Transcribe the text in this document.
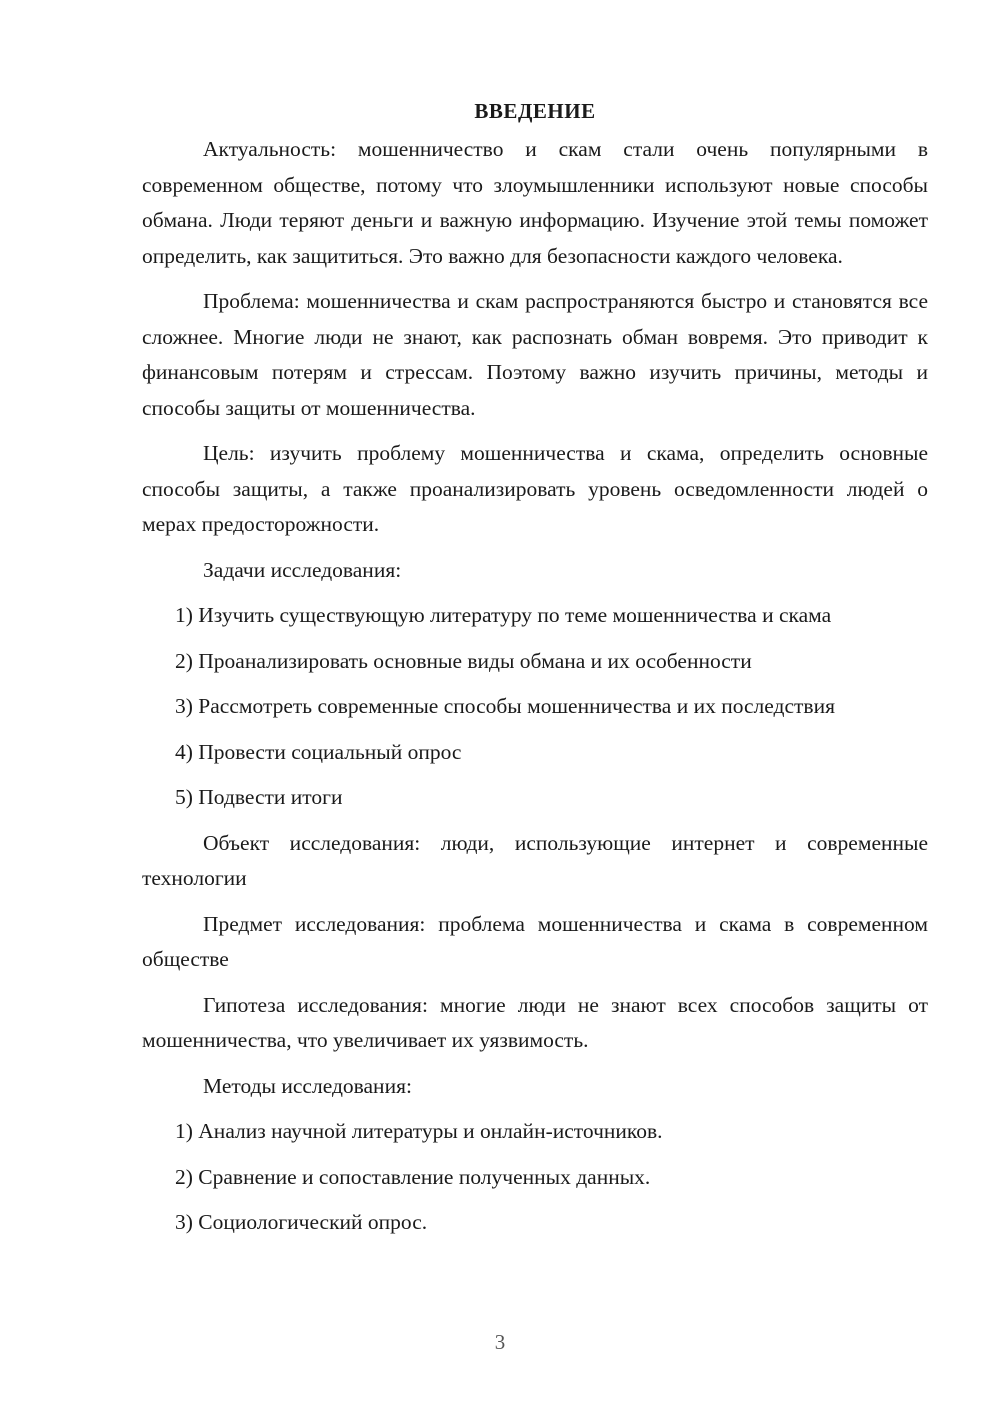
ВВЕДЕНИЕ

Актуальность: мошенничество и скам стали очень популярными в современном обществе, потому что злоумышленники используют новые способы обмана. Люди теряют деньги и важную информацию. Изучение этой темы поможет определить, как защититься. Это важно для безопасности каждого человека.

Проблема: мошенничества и скам распространяются быстро и становятся все сложнее. Многие люди не знают, как распознать обман вовремя. Это приводит к финансовым потерям и стрессам. Поэтому важно изучить причины, методы и способы защиты от мошенничества.

Цель: изучить проблему мошенничества и скама, определить основные способы защиты, а также проанализировать уровень осведомленности людей о мерах предосторожности.

Задачи исследования:
1) Изучить существующую литературу по теме мошенничества и скама
2) Проанализировать основные виды обмана и их особенности
3) Рассмотреть современные способы мошенничества и их последствия
4) Провести социальный опрос
5) Подвести итоги

Объект исследования: люди, использующие интернет и современные технологии

Предмет исследования: проблема мошенничества и скама в современном обществе

Гипотеза исследования: многие люди не знают всех способов защиты от мошенничества, что увеличивает их уязвимость.

Методы исследования:
1) Анализ научной литературы и онлайн-источников.
2) Сравнение и сопоставление полученных данных.
3) Социологический опрос.
3
